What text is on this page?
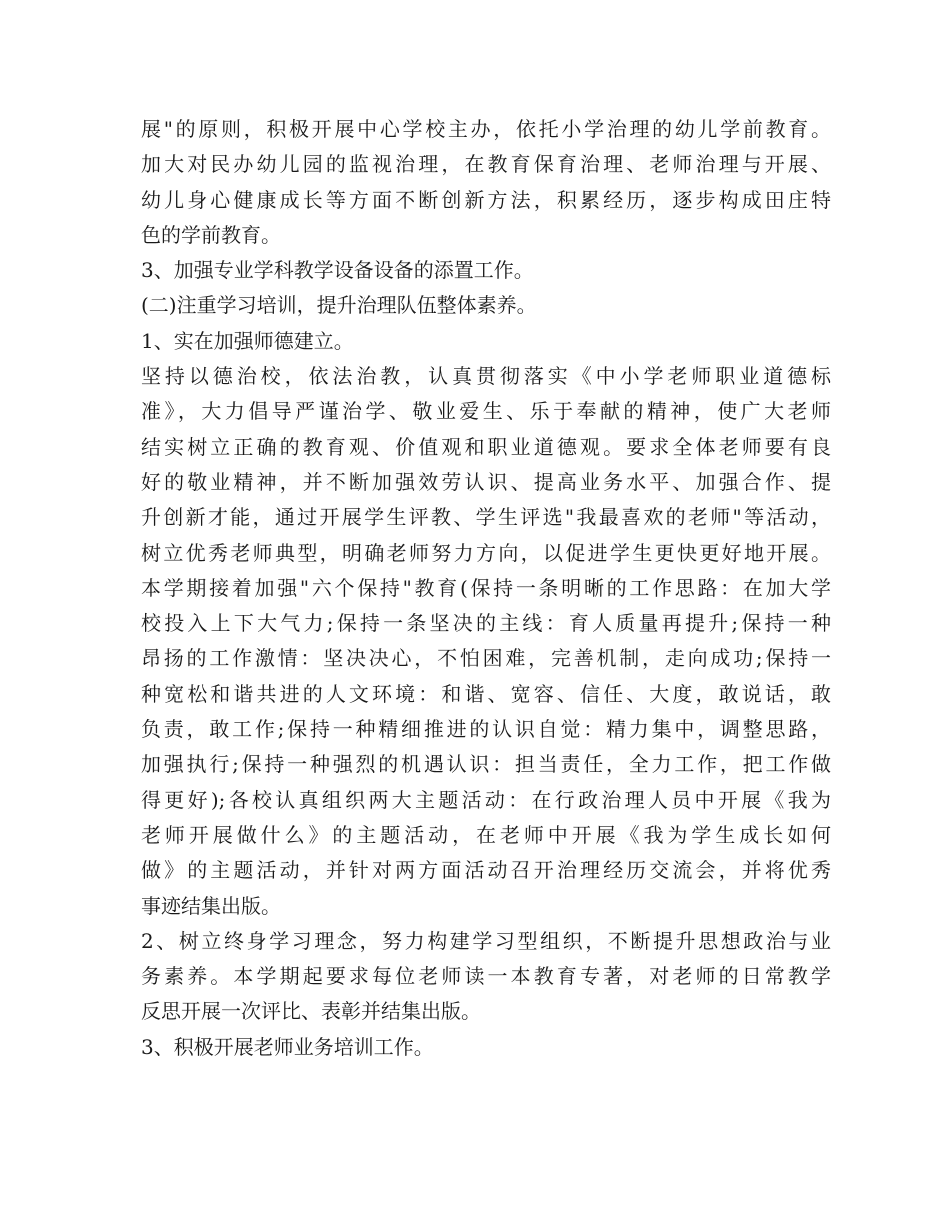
展"的原则，积极开展中心学校主办，依托小学治理的幼儿学前教育。
加大对民办幼儿园的监视治理，在教育保育治理、老师治理与开展、
幼儿身心健康成长等方面不断创新方法，积累经历，逐步构成田庄特
色的学前教育。
3、加强专业学科教学设备设备的添置工作。
(二)注重学习培训，提升治理队伍整体素养。
1、实在加强师德建立。
坚持以德治校，依法治教，认真贯彻落实《中小学老师职业道德标
准》，大力倡导严谨治学、敬业爱生、乐于奉献的精神，使广大老师
结实树立正确的教育观、价值观和职业道德观。要求全体老师要有良
好的敬业精神，并不断加强效劳认识、提高业务水平、加强合作、提
升创新才能，通过开展学生评教、学生评选"我最喜欢的老师"等活动，
树立优秀老师典型，明确老师努力方向，以促进学生更快更好地开展。
本学期接着加强"六个保持"教育(保持一条明晰的工作思路：在加大学
校投入上下大气力;保持一条坚决的主线：育人质量再提升;保持一种
昂扬的工作激情：坚决决心，不怕困难，完善机制，走向成功;保持一
种宽松和谐共进的人文环境：和谐、宽容、信任、大度，敢说话，敢
负责，敢工作;保持一种精细推进的认识自觉：精力集中，调整思路，
加强执行;保持一种强烈的机遇认识：担当责任，全力工作，把工作做
得更好);各校认真组织两大主题活动：在行政治理人员中开展《我为
老师开展做什么》的主题活动，在老师中开展《我为学生成长如何
做》的主题活动，并针对两方面活动召开治理经历交流会，并将优秀
事迹结集出版。
2、树立终身学习理念，努力构建学习型组织，不断提升思想政治与业
务素养。本学期起要求每位老师读一本教育专著，对老师的日常教学
反思开展一次评比、表彰并结集出版。
3、积极开展老师业务培训工作。
